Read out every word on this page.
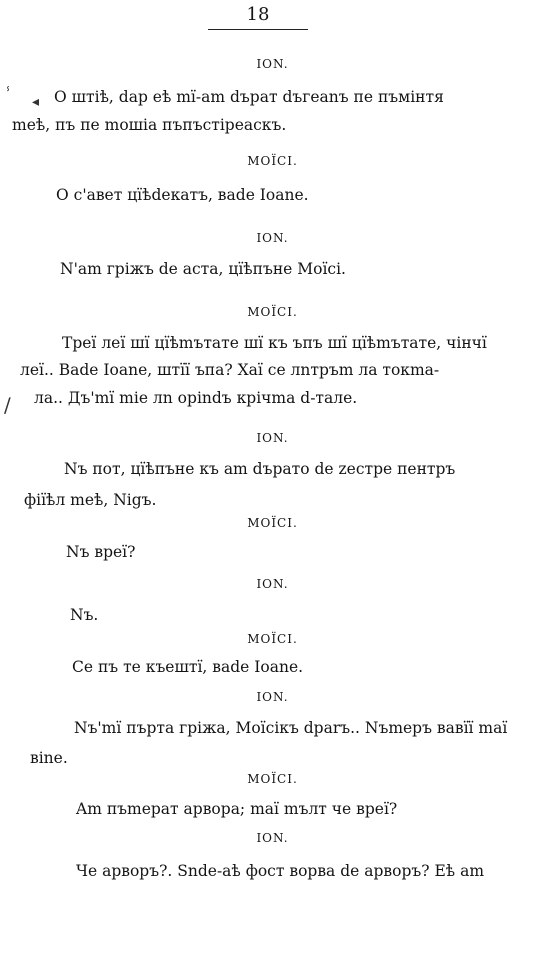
18
ⸯ ◂
∕
ІON.
О штіѣ, dар еѣ mї-am dърат dъгeanъ пе пъмінтя
meѣ, пъ пе moшia пъпъстіреаскъ.
МОЇСІ.
О с'авет цїѣdекатъ, ваde Іоane.
ІON.
N'am гріжъ de аcта, цїѣпъне Моїсі.
МОЇСІ.
Трeї леї шї цїѣmътате шї къ ъпъ шї цїѣmътате, чінчї
леї.. Ваde Іоane, штїї ъпа? Хаї се лnтръm ла токmа-
ла.. Дъ'mї mie лn opindъ крічma d-тале.
ІON.
Nъ пот, цїѣпъне къ am dъpато de zестpe пентpъ
фіїѣл meѣ, Nіgъ.
МОЇСІ.
Nъ вpeї?
ІON.
Nъ.
МОЇСІ.
Се пъ те къештї, ваde Іоane.
ІON.
Nъ'mї пъpта гріжа, Моїсікъ dparъ.. Nъmepъ вавїї mаї
віne.
МОЇСІ.
Am пъmepaт apвopa; mаї mълт чe вpeї?
ІON.
Чe apвopъ?. Ѕnde-аѣ фост вopва de apвopъ? Еѣ am
